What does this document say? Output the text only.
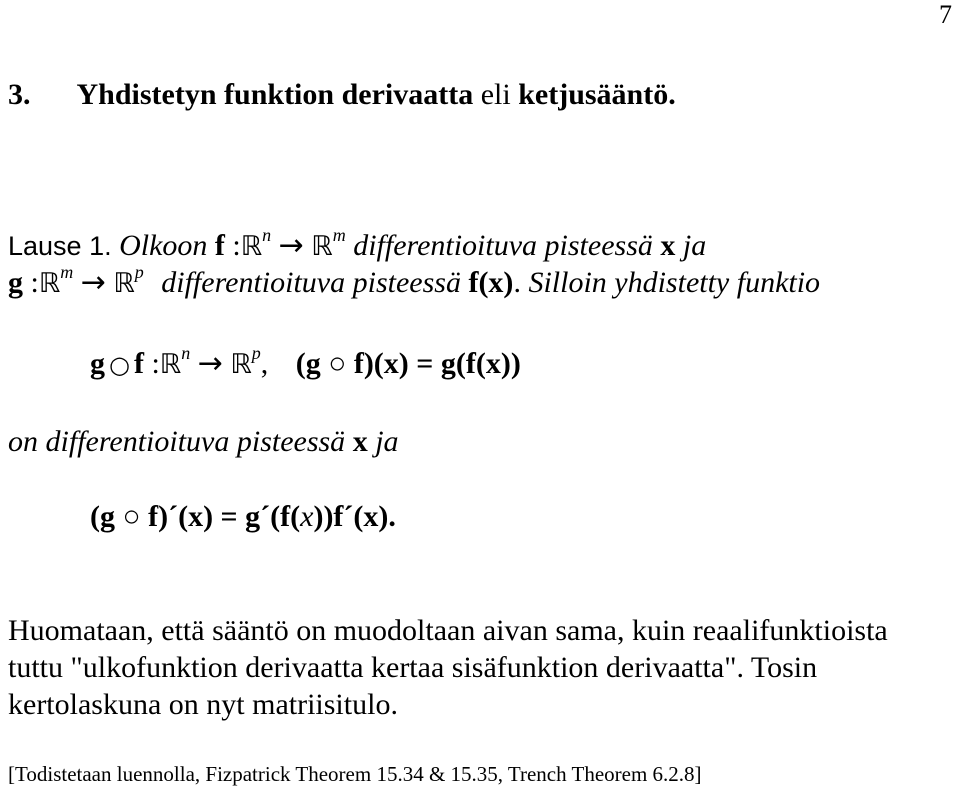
7
3. Yhdistetyn funktion derivaatta eli ketjusääntö.
Lause 1. Olkoon f :ℝ$^n$ → ℝ$^m$ differentioituva pisteessä x ja
g :ℝ$^m$ → ℝ$^p$ differentioituva pisteessä f(x). Silloin yhdistetty funktio
g ○ f :ℝ$^n$ → ℝ$^p$, (g ○ f)(x) = g(f(x))
on differentioituva pisteessä x ja
(g ○ f)´(x) = g´(f(x))f´(x).
Huomataan, että sääntö on muodoltaan aivan sama, kuin reaalifunktioista
tuttu "ulkofunktion derivaatta kertaa sisäfunktion derivaatta". Tosin
kertolaskuna on nyt matriisitulo.
[Todistetaan luennolla, Fizpatrick Theorem 15.34 & 15.35, Trench Theorem 6.2.8]
